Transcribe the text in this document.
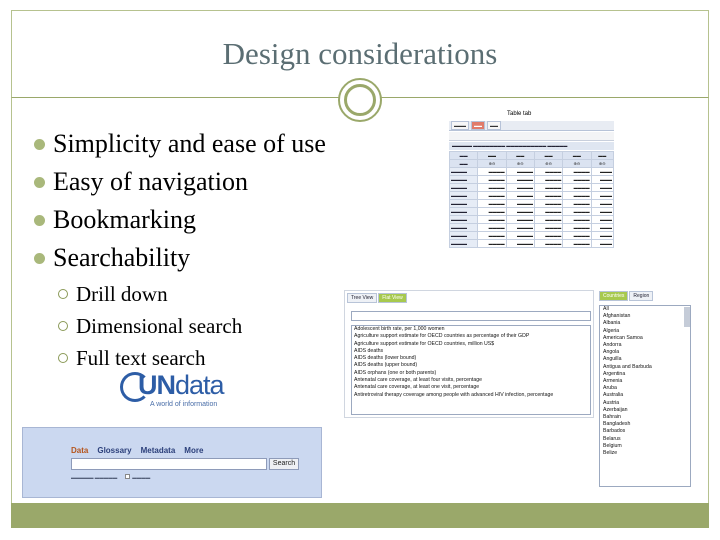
Design considerations
Simplicity and ease of use
Easy of navigation
Bookmarking
Searchability
Drill down
Dimensional search
Full text search
UNdata
A world of information
Data Glossary Metadata More
Search
▬▬▬▬▬ ▬▬▬▬▬	▬▬▬▬
Table tab
▬▬▬	▬▬	▬▬
▬▬▬▬▬ ▬▬▬▬▬▬▬▬ ▬▬▬▬▬▬▬▬▬▬ ▬▬▬▬▬
▬▬	▬▬	▬▬	▬▬	▬▬	▬▬
▬▬	⊕⊖	⊕⊖	⊕⊖	⊕⊖	⊕⊖
▬▬▬▬	▬▬▬▬	▬▬▬▬	▬▬▬▬	▬▬▬▬	▬▬▬
▬▬▬▬	▬▬▬▬	▬▬▬▬	▬▬▬▬	▬▬▬▬	▬▬▬
▬▬▬▬	▬▬▬▬	▬▬▬▬	▬▬▬▬	▬▬▬▬	▬▬▬
▬▬▬▬	▬▬▬▬	▬▬▬▬	▬▬▬▬	▬▬▬▬	▬▬▬
▬▬▬▬	▬▬▬▬	▬▬▬▬	▬▬▬▬	▬▬▬▬	▬▬▬
▬▬▬▬	▬▬▬▬	▬▬▬▬	▬▬▬▬	▬▬▬▬	▬▬▬
▬▬▬▬	▬▬▬▬	▬▬▬▬	▬▬▬▬	▬▬▬▬	▬▬▬
▬▬▬▬	▬▬▬▬	▬▬▬▬	▬▬▬▬	▬▬▬▬	▬▬▬
▬▬▬▬	▬▬▬▬	▬▬▬▬	▬▬▬▬	▬▬▬▬	▬▬▬
▬▬▬▬	▬▬▬▬	▬▬▬▬	▬▬▬▬	▬▬▬▬	▬▬▬
Tree View	Flat View
Adolescent birth rate, per 1,000 women
Agriculture support estimate for OECD countries as percentage of their GDP
Agriculture support estimate for OECD countries, million US$
AIDS deaths
AIDS deaths (lower bound)
AIDS deaths (upper bound)
AIDS orphans (one or both parents)
Antenatal care coverage, at least four visits, percentage
Antenatal care coverage, at least one visit, percentage
Antiretroviral therapy coverage among people with advanced HIV infection, percentage
Countries	Region
All
Afghanistan
Albania
Algeria
American Samoa
Andorra
Angola
Anguilla
Antigua and Barbuda
Argentina
Armenia
Aruba
Australia
Austria
Azerbaijan
Bahrain
Bangladesh
Barbados
Belarus
Belgium
Belize
